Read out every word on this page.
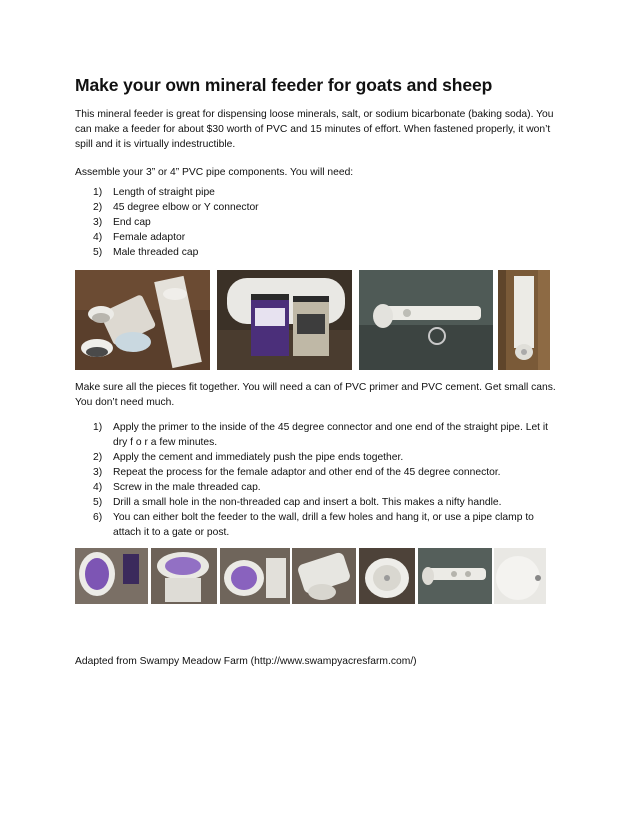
Make your own mineral feeder for goats and sheep

This mineral feeder is great for dispensing loose minerals, salt, or sodium bicarbonate (baking soda). You can make a feeder for about $30 worth of PVC and 15 minutes of effort. When fastened properly, it won’t spill and it is virtually indestructible.

Assemble your 3” or 4” PVC pipe components. You will need:

1) Length of straight pipe
2) 45 degree elbow or Y connector
3) End cap
4) Female adaptor
5) Male threaded cap

Make sure all the pieces fit together. You will need a can of PVC primer and PVC cement. Get small cans. You don’t need much.

1) Apply the primer to the inside of the 45 degree connector and one end of the straight pipe. Let it dry f o r a few minutes.
2) Apply the cement and immediately push the pipe ends together.
3) Repeat the process for the female adaptor and other end of the 45 degree connector.
4) Screw in the male threaded cap.
5) Drill a small hole in the non-threaded cap and insert a bolt. This makes a nifty handle.
6) You can either bolt the feeder to the wall, drill a few holes and hang it, or use a pipe clamp to attach it to a gate or post.

Adapted from Swampy Meadow Farm (http://www.swampyacresfarm.com/)
